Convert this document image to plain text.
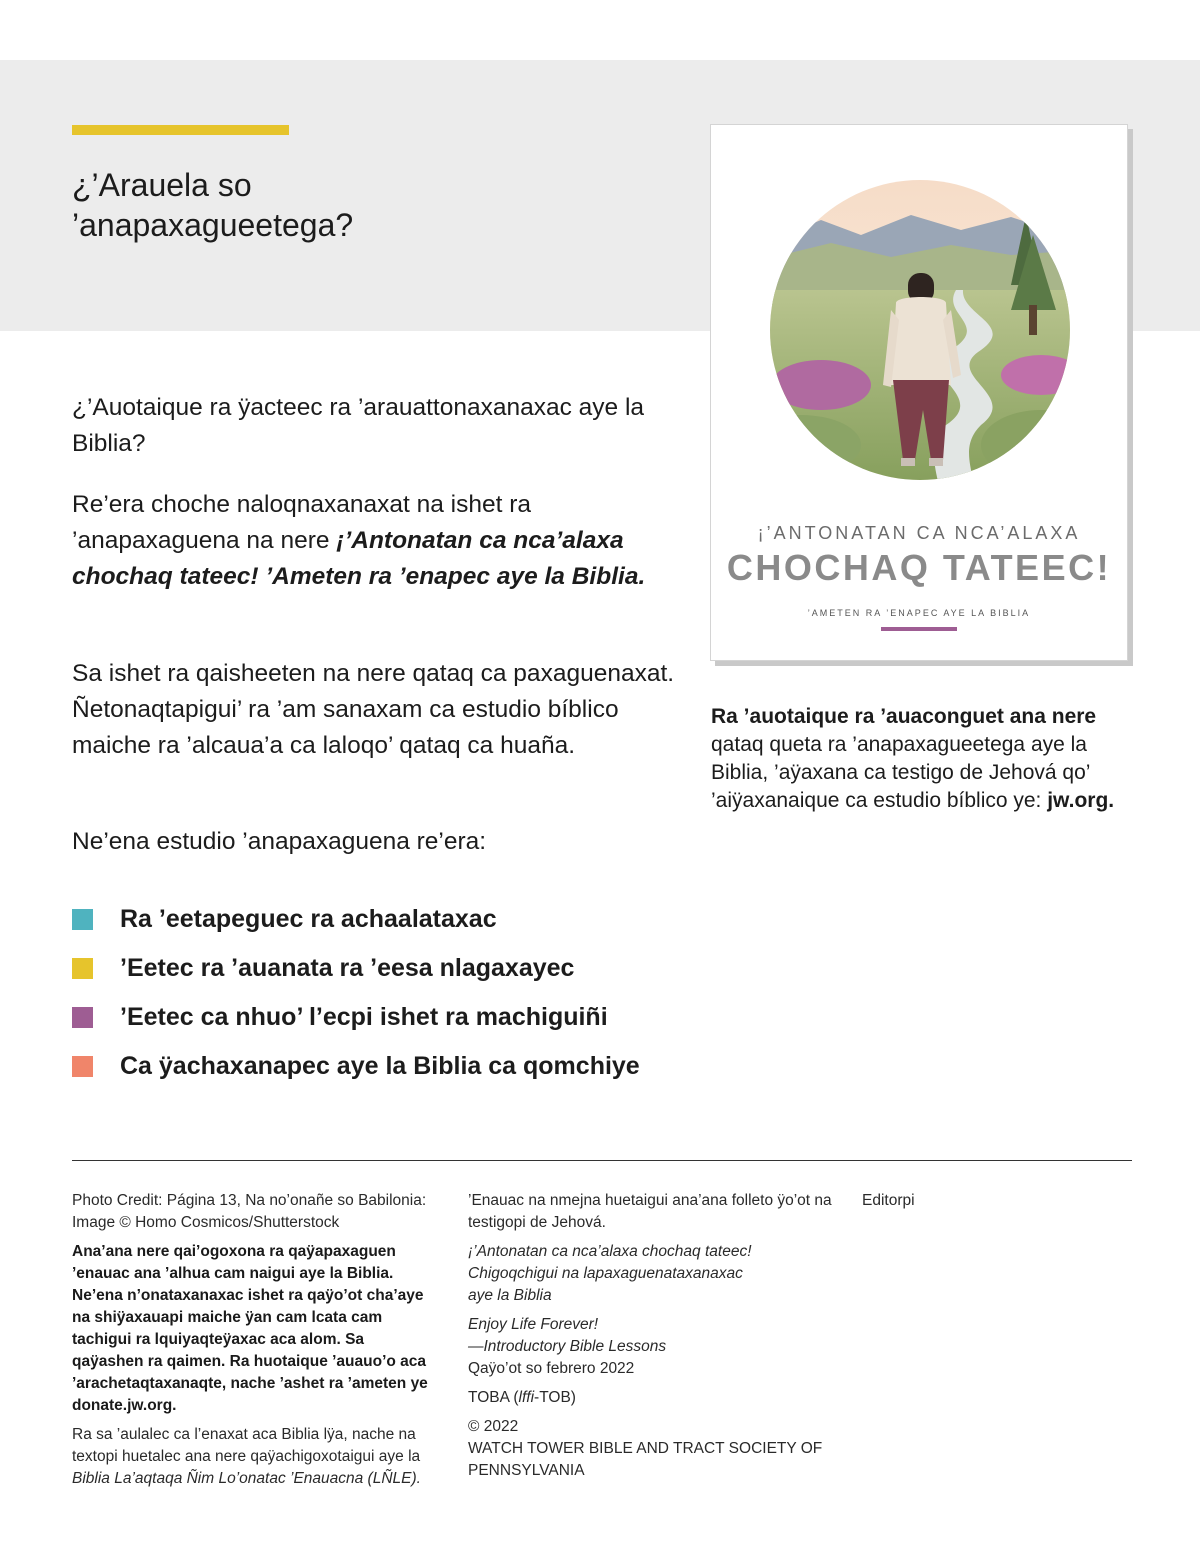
¿’Arauela so
’anapaxagueetega?
¡’ANTONATAN CA NCA’ALAXA
CHOCHAQ TATEEC!
’AMETEN RA ’ENAPEC AYE LA BIBLIA
Ra ’auotaique ra ’auaconguet ana nere qataq queta ra ’anapaxagueetega aye la Biblia, ’aÿaxana ca testigo de Jehová qo’ ’aiÿaxanaique ca estudio bíblico ye: jw.org.

¿’Auotaique ra ÿacteec ra ’arauattonaxanaxac aye la Biblia?

Re’era choche naloqnaxanaxat na ishet ra ’anapaxaguena na nere ¡’Antonatan ca nca’alaxa chochaq tateec! ’Ameten ra ’enapec aye la Biblia.

Sa ishet ra qaisheeten na nere qataq ca paxaguenaxat. Ñetonaqtapigui’ ra ’am sanaxam ca estudio bíblico maiche ra ’alcaua’a ca laloqo’ qataq ca huaña.

Ne’ena estudio ’anapaxaguena re’era:

Ra ’eetapeguec ra achaalataxac
’Eetec ra ’auanata ra ’eesa nlagaxayec
’Eetec ca nhuo’ l’ecpi ishet ra machiguiñi
Ca ÿachaxanapec aye la Biblia ca qomchiye

Photo Credit: Página 13, Na no’onañe so Babilonia: Image © Homo Cosmicos/Shutterstock

Ana’ana nere qai’ogoxona ra qaÿapaxaguen ’enauac ana ’alhua cam naigui aye la Biblia. Ne’ena n’onataxanaxac ishet ra qaÿo’ot cha’aye na shiÿaxauapi maiche ÿan cam lcata cam tachigui ra lquiyaqteÿaxac aca alom. Sa qaÿashen ra qaimen. Ra huotaique ’auauo’o aca ’arachetaqtaxanaqte, nache ’ashet ra ’ameten ye donate.jw.org.

Ra sa ’aulalec ca l’enaxat aca Biblia lÿa, nache na textopi huetalec ana nere qaÿachigoxotaigui aye la Biblia La’aqtaqa Ñim Lo’onatac ’Enauacna (LÑLE).

’Enauac na nmejna huetaigui ana’ana folleto ÿo’ot na testigopi de Jehová.

¡’Antonatan ca nca’alaxa chochaq tateec!
Chigoqchigui na lapaxaguenataxanaxac
aye la Biblia

Enjoy Life Forever!
—Introductory Bible Lessons
Qaÿo’ot so febrero 2022

TOBA (lffi-TOB)

© 2022
WATCH TOWER BIBLE AND TRACT SOCIETY OF
PENNSYLVANIA

Editorpi
